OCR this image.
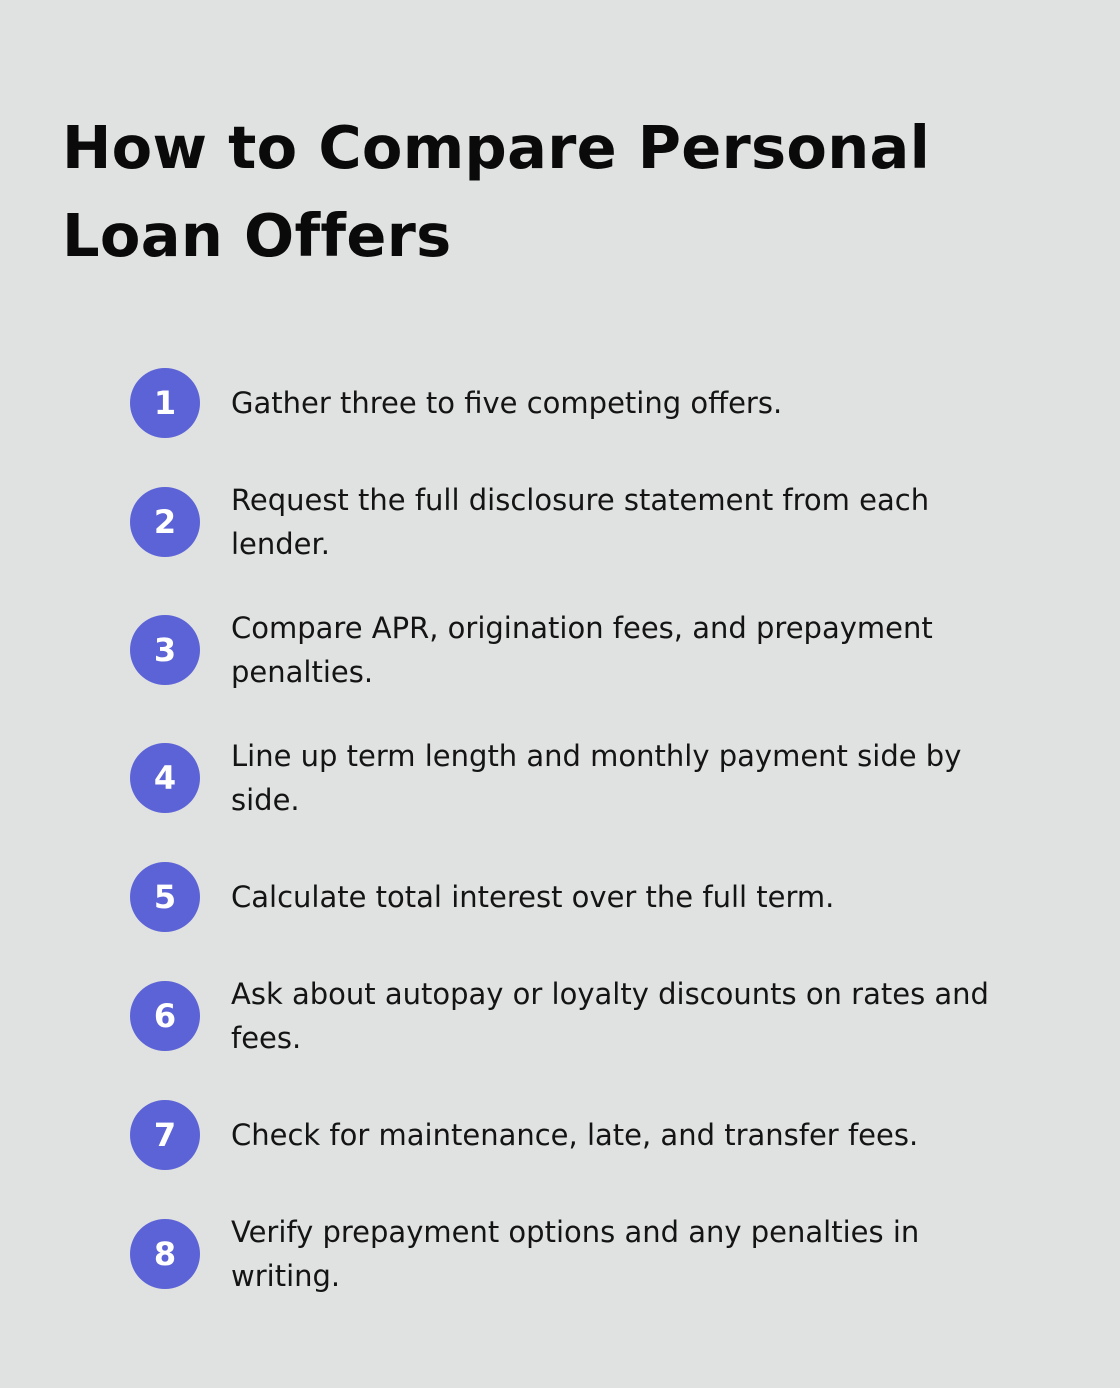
How to Compare Personal Loan Offers
1	Gather three to five competing offers.
2
Request the full disclosure statement from each lender.
3
Compare APR, origination fees, and prepayment penalties.
4
Line up term length and monthly payment side by side.
5	Calculate total interest over the full term.
6
Ask about autopay or loyalty discounts on rates and fees.
7	Check for maintenance, late, and transfer fees.
8
Verify prepayment options and any penalties in writing.
